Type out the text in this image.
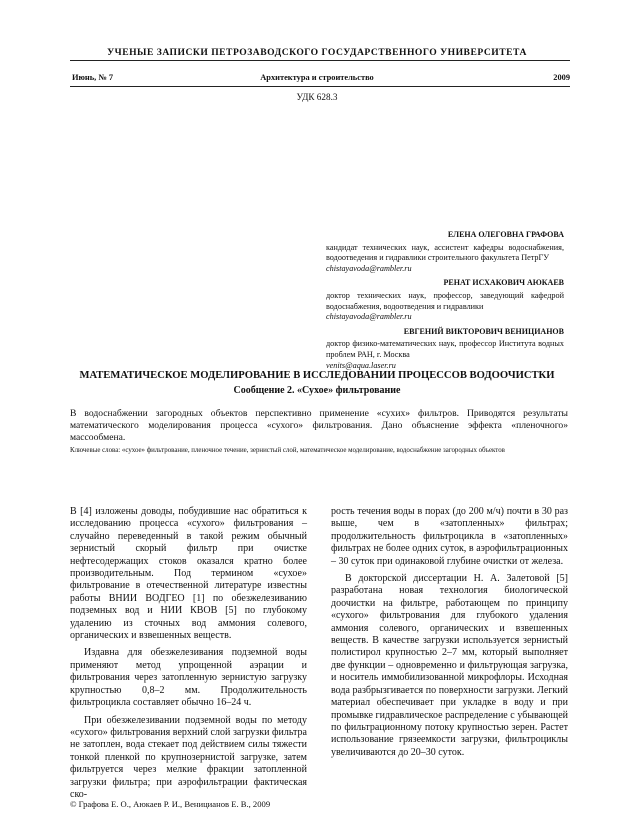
УЧЕНЫЕ ЗАПИСКИ ПЕТРОЗАВОДСКОГО ГОСУДАРСТВЕННОГО УНИВЕРСИТЕТА
Июнь, № 7	Архитектура и строительство	2009
УДК 628.3
ЕЛЕНА ОЛЕГОВНА ГРАФОВА
кандидат технических наук, ассистент кафедры водоснабжения, водоотведения и гидравлики строительного факультета ПетрГУ
chistayavoda@rambler.ru
РЕНАТ ИСХАКОВИЧ АЮКАЕВ
доктор технических наук, профессор, заведующий кафедрой водоснабжения, водоотведения и гидравлики
chistayavoda@rambler.ru
ЕВГЕНИЙ ВИКТОРОВИЧ ВЕНИЦИАНОВ
доктор физико-математических наук, профессор Института водных проблем РАН, г. Москва
venits@aqua.laser.ru
МАТЕМАТИЧЕСКОЕ МОДЕЛИРОВАНИЕ В ИССЛЕДОВАНИИ ПРОЦЕССОВ ВОДООЧИСТКИ
Сообщение 2. «Сухое» фильтрование
В водоснабжении загородных объектов перспективно применение «сухих» фильтров. Приводятся результаты математического моделирования процесса «сухого» фильтрования. Дано объяснение эффекта «пленочного» массообмена.
Ключевые слова: «сухое» фильтрование, пленочное течение, зернистый слой, математическое моделирование, водоснабжение загородных объектов

В [4] изложены доводы, побудившие нас обратиться к исследованию процесса «сухого» фильтрования – случайно переведенный в такой режим обычный зернистый скорый фильтр при очистке нефтесодержащих стоков оказался кратно более производительным. Под термином «сухое» фильтрование в отечественной литературе известны работы ВНИИ ВОДГЕО [1] по обезжелезиванию подземных вод и НИИ КВОВ [5] по глубокому удалению из сточных вод аммония солевого, органических и взвешенных веществ.

Издавна для обезжелезивания подземной воды применяют метод упрощенной аэрации и фильтрования через затопленную зернистую загрузку крупностью 0,8–2 мм. Продолжительность фильтроцикла составляет обычно 16–24 ч.

При обезжелезивании подземной воды по методу «сухого» фильтрования верхний слой загрузки фильтра не затоплен, вода стекает под действием силы тяжести тонкой пленкой по крупнозернистой загрузке, затем фильтруется через мелкие фракции затопленной загрузки фильтра; при аэрофильтрации фактическая ско-

рость течения воды в порах (до 200 м/ч) почти в 30 раз выше, чем в «затопленных» фильтрах; продолжительность фильтроцикла в «затопленных» фильтрах не более одних суток, в аэрофильтрационных – 30 суток при одинаковой глубине очистки от железа.

В докторской диссертации Н. А. Залетовой [5] разработана новая технология биологической доочистки на фильтре, работающем по принципу «сухого» фильтрования для глубокого удаления аммония солевого, органических и взвешенных веществ. В качестве загрузки используется зернистый полистирол крупностью 2–7 мм, который выполняет две функции – одновременно и фильтрующая загрузка, и носитель иммобилизованной микрофлоры. Исходная вода разбрызгивается по поверхности загрузки. Легкий материал обеспечивает при укладке в воду и при промывке гидравлическое распределение с убывающей по фильтрационному потоку крупностью зерен. Растет использование грязеемкости загрузки, фильтроциклы увеличиваются до 20–30 суток.

© Графова Е. О., Аюкаев Р. И., Веницианов Е. В., 2009
